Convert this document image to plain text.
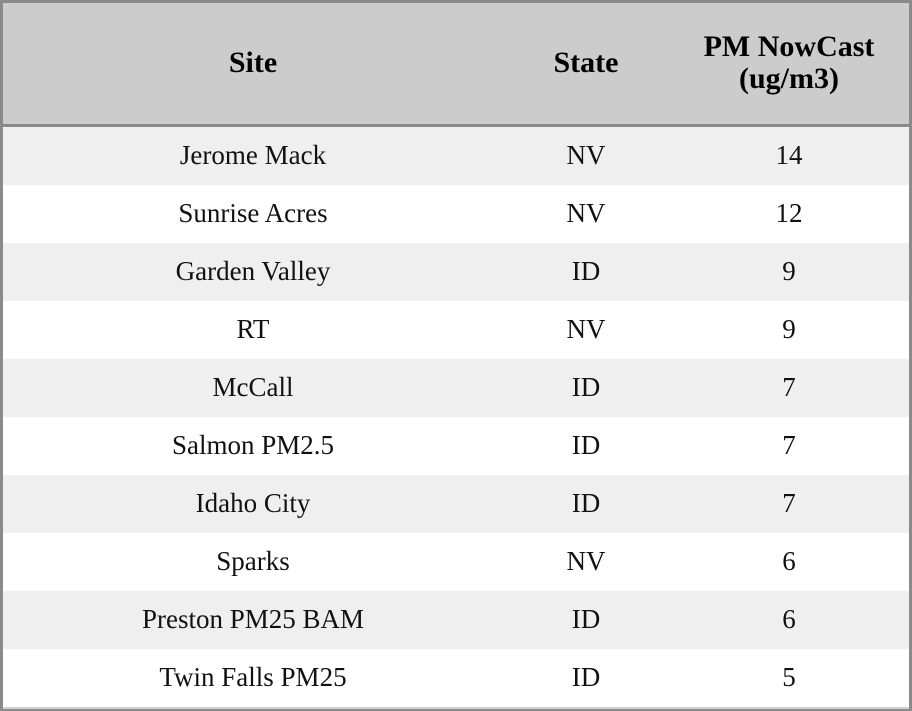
Site	State	PM NowCast (ug/m3)
Jerome Mack	NV	14
Sunrise Acres	NV	12
Garden Valley	ID	9
RT	NV	9
McCall	ID	7
Salmon PM2.5	ID	7
Idaho City	ID	7
Sparks	NV	6
Preston PM25 BAM	ID	6
Twin Falls PM25	ID	5
